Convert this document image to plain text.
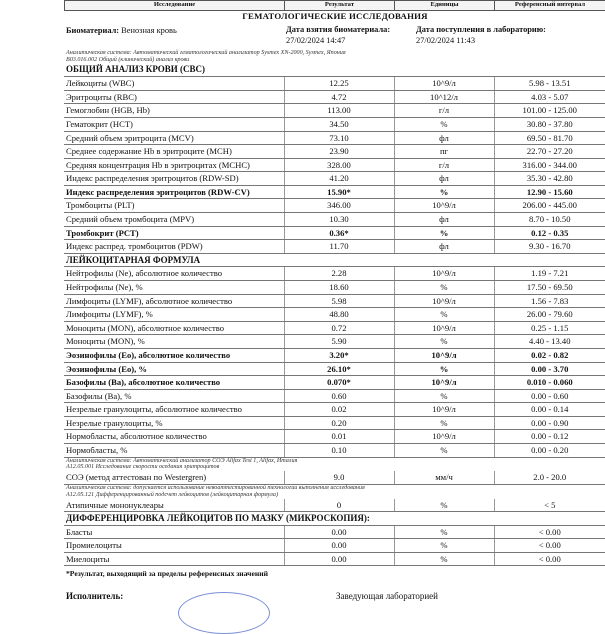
Исследование	Результат	Единицы	Референсный интервал
ГЕМАТОЛОГИЧЕСКИЕ ИССЛЕДОВАНИЯ
Биоматериал: Венозная кровь	Дата взятия биоматериала:
27/02/2024 14:47
Дата поступления в лабораторию:
27/02/2024 11:43
Аналитическая система: Автоматический гематологический анализатор Sysmex XN-2000, Sysmex, Япония
B03.016.002 Общий (клинический) анализ крови
ОБЩИЙ АНАЛИЗ КРОВИ (CBC)			
Лейкоциты (WBC)	12.25	10^9/л	5.98 - 13.51
Эритроциты (RBC)	4.72	10^12/л	4.03 - 5.07
Гемоглобин (HGB, Hb)	113.00	г/л	101.00 - 125.00
Гематокрит (HCT)	34.50	%	30.80 - 37.80
Средний объем эритроцита (MCV)	73.10	фл	69.50 - 81.70
Среднее содержание Hb в эритроците (MCH)	23.90	пг	22.70 - 27.20
Средняя концентрация Hb в эритроцитах (MCHC)	328.00	г/л	316.00 - 344.00
Индекс распределения эритроцитов (RDW-SD)	41.20	фл	35.30 - 42.80
Индекс распределения эритроцитов (RDW-CV)	15.90*	%	12.90 - 15.60
Тромбоциты (PLT)	346.00	10^9/л	206.00 - 445.00
Средний объем тромбоцита (MPV)	10.30	фл	8.70 - 10.50
Тромбокрит (PCT)	0.36*	%	0.12 - 0.35
Индекс распред. тромбоцитов (PDW)	11.70	фл	9.30 - 16.70
ЛЕЙКОЦИТАРНАЯ ФОРМУЛА			
Нейтрофилы (Ne), абсолютное количество	2.28	10^9/л	1.19 - 7.21
Нейтрофилы (Ne), %	18.60	%	17.50 - 69.50
Лимфоциты (LYMF), абсолютное количество	5.98	10^9/л	1.56 - 7.83
Лимфоциты (LYMF), %	48.80	%	26.00 - 79.60
Моноциты (MON), абсолютное количество	0.72	10^9/л	0.25 - 1.15
Моноциты (MON), %	5.90	%	4.40 - 13.40
Эозинофилы (Eo), абсолютное количество	3.20*	10^9/л	0.02 - 0.82
Эозинофилы (Eo), %	26.10*	%	0.00 - 3.70
Базофилы (Ba), абсолютное количество	0.070*	10^9/л	0.010 - 0.060
Базофилы (Ba), %	0.60	%	0.00 - 0.60
Незрелые гранулоциты, абсолютное количество	0.02	10^9/л	0.00 - 0.14
Незрелые гранулоциты, %	0.20	%	0.00 - 0.90
Нормобласты, абсолютное количество	0.01	10^9/л	0.00 - 0.12
Нормобласты, %	0.10	%	0.00 - 0.20
Аналитическая система: Автоматический анализатор СОЭ Alifax Test 1, Alifax, Италия
A12.05.001 Исследование скорости оседания эритроцитов
СОЭ (метод аттестован по Westergren)	9.0	мм/ч	2.0 - 20.0
Аналитическая система: допускается использование невоаттестированной технологии выполнения исследования
A12.05.121 Дифференцированный подсчет лейкоцитов (лейкоцитарная формула)
Атипичные мононуклеары	0	%	< 5
ДИФФЕРЕНЦИРОВКА ЛЕЙКОЦИТОВ ПО МАЗКУ (МИКРОСКОПИЯ):			
Бласты	0.00	%	< 0.00
Промиелоциты	0.00	%	< 0.00
Миелоциты	0.00	%	< 0.00
*Результат, выходящий за пределы референсных значений
Исполнитель:	Заведующая лабораторией
